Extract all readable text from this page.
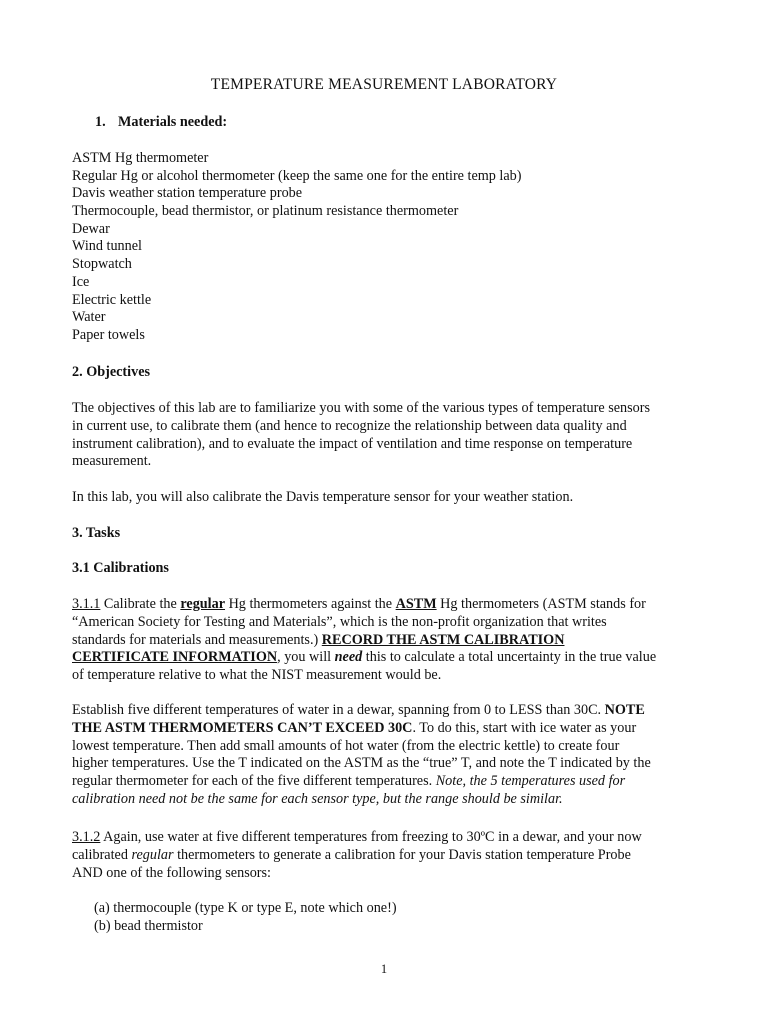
TEMPERATURE MEASUREMENT LABORATORY
1. Materials needed:
ASTM Hg thermometer
Regular Hg or alcohol thermometer (keep the same one for the entire temp lab)
Davis weather station temperature probe
Thermocouple, bead thermistor, or platinum resistance thermometer
Dewar
Wind tunnel
Stopwatch
Ice
Electric kettle
Water
Paper towels
2. Objectives

The objectives of this lab are to familiarize you with some of the various types of temperature sensors
in current use, to calibrate them (and hence to recognize the relationship between data quality and
instrument calibration), and to evaluate the impact of ventilation and time response on temperature
measurement.

In this lab, you will also calibrate the Davis temperature sensor for your weather station.

3. Tasks
3.1 Calibrations

3.1.1 Calibrate the regular Hg thermometers against the ASTM Hg thermometers (ASTM stands for
“American Society for Testing and Materials”, which is the non-profit organization that writes
standards for materials and measurements.) RECORD THE ASTM CALIBRATION
CERTIFICATE INFORMATION, you will need this to calculate a total uncertainty in the true value
of temperature relative to what the NIST measurement would be.

Establish five different temperatures of water in a dewar, spanning from 0 to LESS than 30C. NOTE
THE ASTM THERMOMETERS CAN’T EXCEED 30C. To do this, start with ice water as your
lowest temperature. Then add small amounts of hot water (from the electric kettle) to create four
higher temperatures. Use the T indicated on the ASTM as the “true” T, and note the T indicated by the
regular thermometer for each of the five different temperatures. Note, the 5 temperatures used for
calibration need not be the same for each sensor type, but the range should be similar.

3.1.2 Again, use water at five different temperatures from freezing to 30ºC in a dewar, and your now
calibrated regular thermometers to generate a calibration for your Davis station temperature Probe
AND one of the following sensors:

(a) thermocouple (type K or type E, note which one!)
(b) bead thermistor
1
